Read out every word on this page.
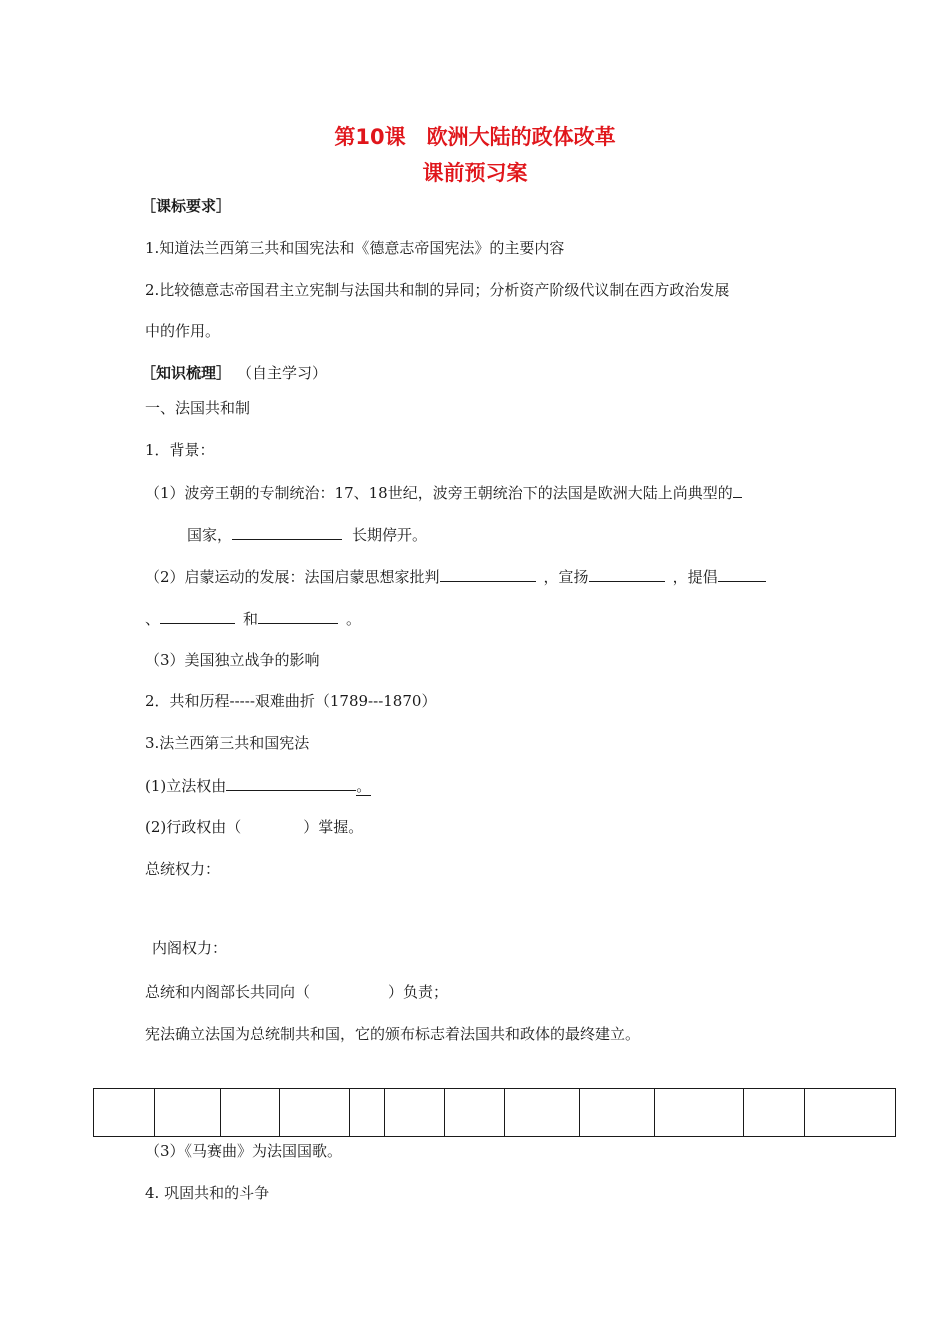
第10课　欧洲大陆的政体改革
课前预习案
［课标要求］
1.知道法兰西第三共和国宪法和《德意志帝国宪法》的主要内容
2.比较德意志帝国君主立宪制与法国共和制的异同；分析资产阶级代议制在西方政治发展
中的作用。
［知识梳理］ （自主学习）
一、法国共和制
1．背景：
（1）波旁王朝的专制统治：17、18世纪，波旁王朝统治下的法国是欧洲大陆上尚典型的
国家，	长期停开。
（2）启蒙运动的发展：法国启蒙思想家批判	，宣扬	，提倡
、	和	。
（3）美国独立战争的影响
2．共和历程-----艰难曲折（1789---1870）
3.法兰西第三共和国宪法
(1)立法权由	。
(2)行政权由（	）掌握。
总统权力：
内阁权力：
总统和内阁部长共同向（	）负责；
宪法确立法国为总统制共和国，它的颁布标志着法国共和政体的最终建立。

（3）《马赛曲》为法国国歌。
4. 巩固共和的斗争
